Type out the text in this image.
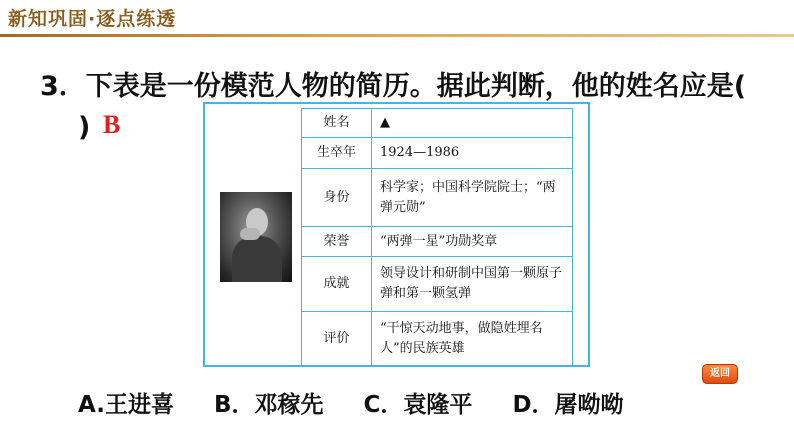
新知巩固·逐点练透
3．下表是一份模范人物的简历。据此判断，他的姓名应是(
) B	姓名	▲
生卒年	1924—1986
身份	科学家；中国科学院院士；“两弹元勋”
荣誉	“两弹一星”功勋奖章
成就	领导设计和研制中国第一颗原子弹和第一颗氢弹
评价	“干惊天动地事，做隐姓埋名人”的民族英雄
返回
A.王进喜 B．邓稼先 C．袁隆平 D．屠呦呦
